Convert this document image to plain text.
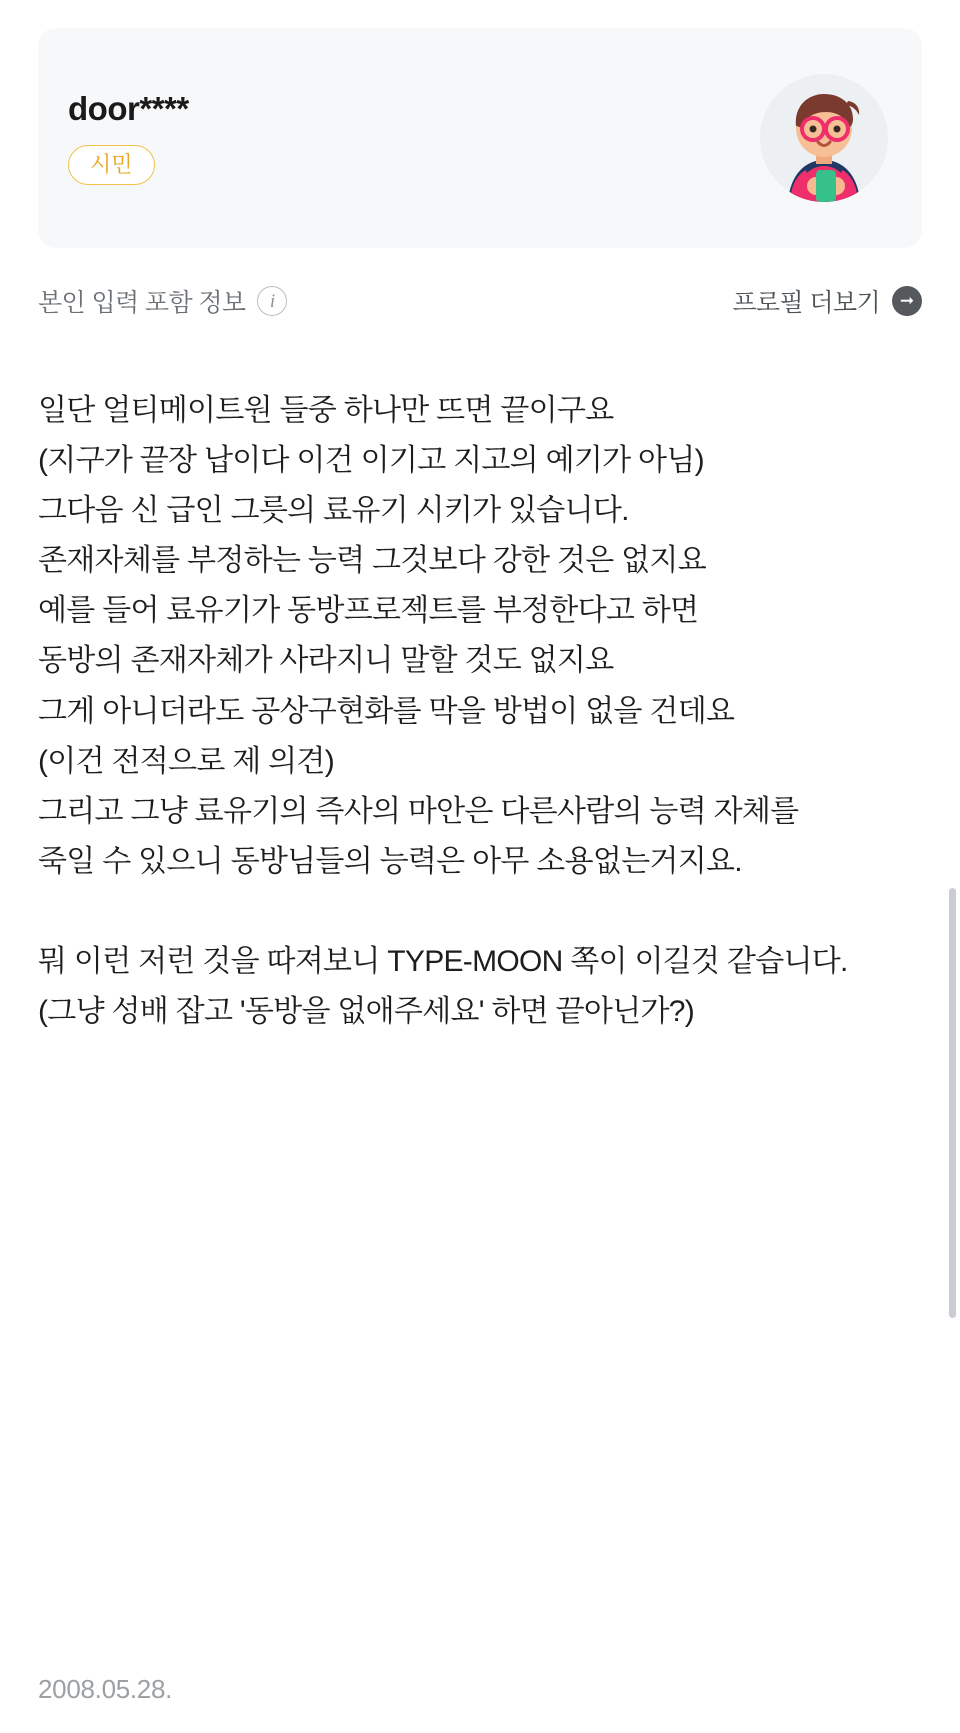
door****
시민
본인 입력 포함 정보	i	프로필 더보기	➞
일단 얼티메이트원 들중 하나만 뜨면 끝이구요
(지구가 끝장 납이다 이건 이기고 지고의 예기가 아님)
그다음 신 급인 그릇의 료유기 시키가 있습니다.
존재자체를 부정하는 능력 그것보다 강한 것은 없지요
예를 들어 료유기가 동방프로젝트를 부정한다고 하면
동방의 존재자체가 사라지니 말할 것도 없지요
그게 아니더라도 공상구현화를 막을 방법이 없을 건데요
(이건 전적으로 제 의견)
그리고 그냥 료유기의 즉사의 마안은 다른사람의 능력 자체를
죽일 수 있으니 동방님들의 능력은 아무 소용없는거지요.

뭐 이런 저런 것을 따져보니 TYPE-MOON 쪽이 이길것 같습니다.
(그냥 성배 잡고 '동방을 없애주세요' 하면 끝아닌가?)
2008.05.28.
